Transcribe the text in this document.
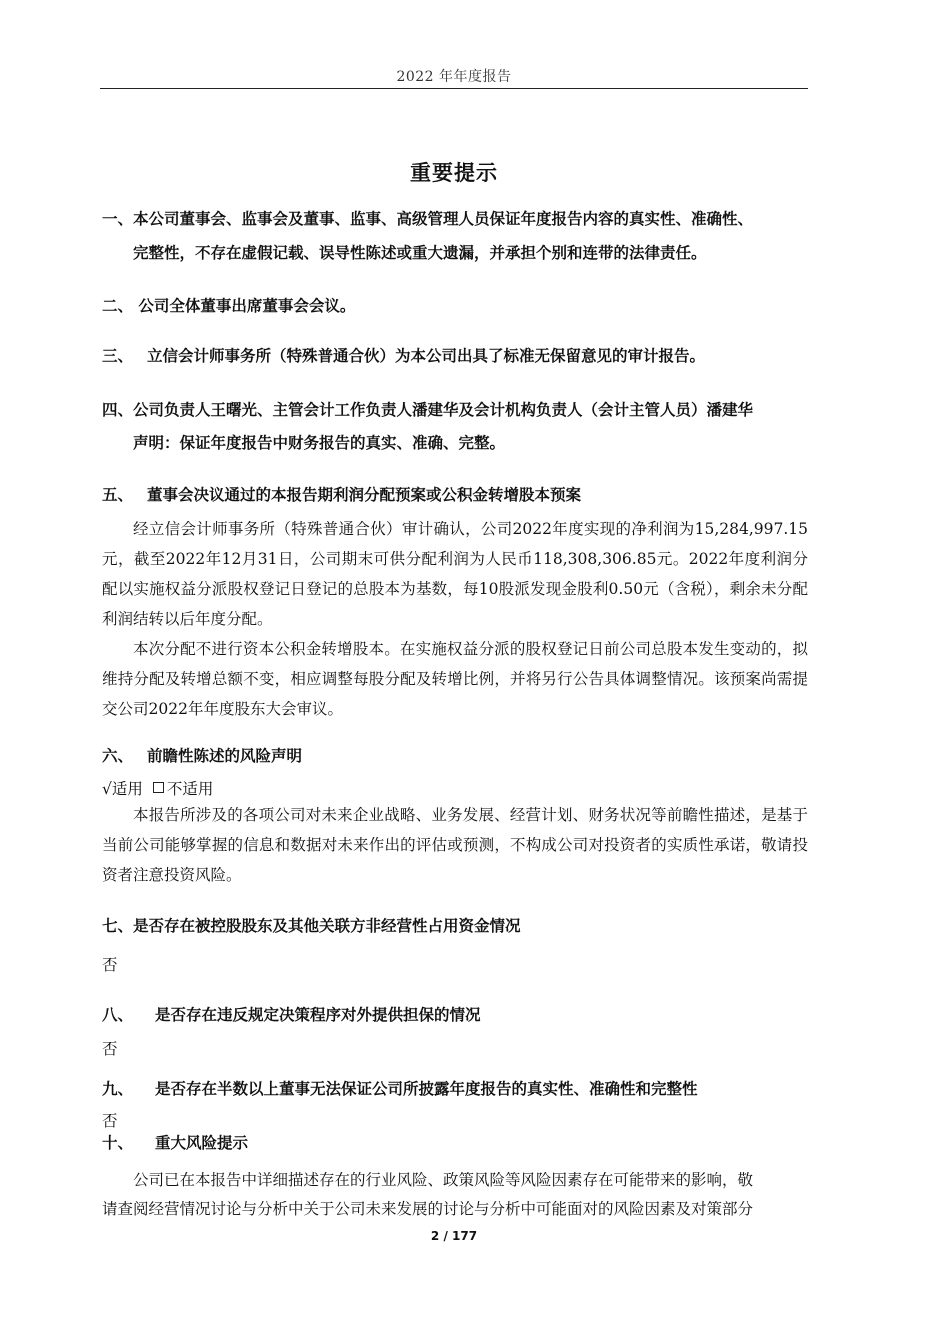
2022 年年度报告
重要提示
一、本公司董事会、监事会及董事、监事、高级管理人员保证年度报告内容的真实性、准确性、
完整性，不存在虚假记载、误导性陈述或重大遗漏，并承担个别和连带的法律责任。
二、 公司全体董事出席董事会会议。
三、 立信会计师事务所（特殊普通合伙）为本公司出具了标准无保留意见的审计报告。
四、公司负责人王曙光、主管会计工作负责人潘建华及会计机构负责人（会计主管人员）潘建华
声明：保证年度报告中财务报告的真实、准确、完整。
五、 董事会决议通过的本报告期利润分配预案或公积金转增股本预案

经立信会计师事务所（特殊普通合伙）审计确认，公司2022年度实现的净利润为15,284,997.15元，截至2022年12月31日，公司期末可供分配利润为人民币118,308,306.85元。2022年度利润分配以实施权益分派股权登记日登记的总股本为基数，每10股派发现金股利0.50元（含税），剩余未分配利润结转以后年度分配。

本次分配不进行资本公积金转增股本。在实施权益分派的股权登记日前公司总股本发生变动的，拟维持分配及转增总额不变，相应调整每股分配及转增比例，并将另行公告具体调整情况。该预案尚需提交公司2022年年度股东大会审议。

六、 前瞻性陈述的风险声明
√适用 不适用

本报告所涉及的各项公司对未来企业战略、业务发展、经营计划、财务状况等前瞻性描述，是基于当前公司能够掌握的信息和数据对未来作出的评估或预测，不构成公司对投资者的实质性承诺，敬请投资者注意投资风险。

七、是否存在被控股股东及其他关联方非经营性占用资金情况
否
八、 是否存在违反规定决策程序对外提供担保的情况
否
九、 是否存在半数以上董事无法保证公司所披露年度报告的真实性、准确性和完整性
否
十、 重大风险提示
公司已在本报告中详细描述存在的行业风险、政策风险等风险因素存在可能带来的影响，敬
请查阅经营情况讨论与分析中关于公司未来发展的讨论与分析中可能面对的风险因素及对策部分
2 / 177
